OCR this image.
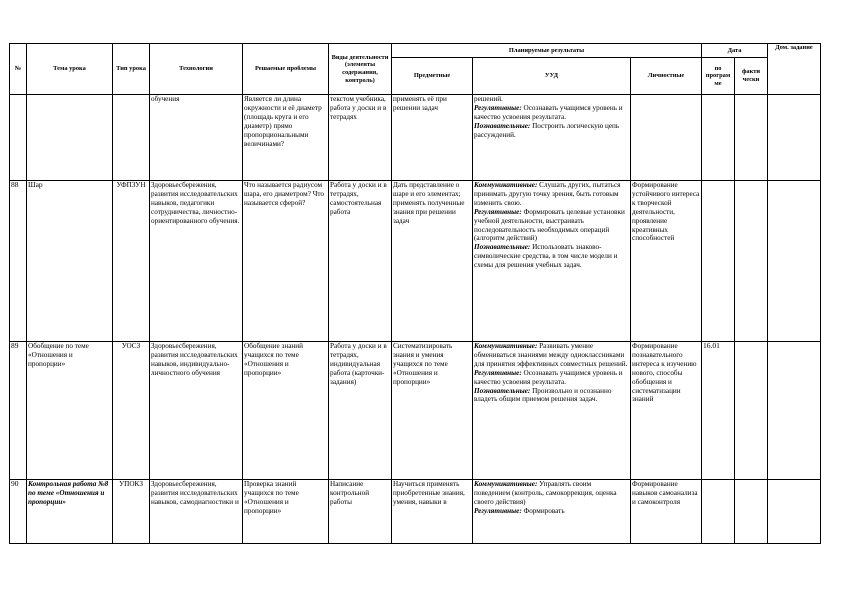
№	Тема урока	Тип урока	Технологии	Решаемые проблемы	Виды деятельности (элементы содержания, контроль)	Планируемые результаты			Дата		Дом. задание
						Предметные	УУД	Личностные	по програм ме	факти чески	
			обучения	Является ли длина окружности и её диаметр (площадь круга и его диаметр) прямо пропорциональными величинами?	текстом учебника, работа у доски и в тетрадях	применять её при решении задач	решений.

Регулятивные: Осознавать учащимся уровень и качество усвоения результата.

Познавательные: Построить логическую цепь рассуждений.				

88	Шар	УФПЗУН	Здоровьесбережения, развития исследовательских навыков, педагогики сотрудничества, личностно-ориентированного обучения.	Что называется радиусом шара, его диаметром? Что называется сферой?	Работа у доски и в тетрадях, самостоятельная работа	Дать представление о шаре и его элементах; применять полученные знания при решении задач	Коммуникативные: Слушать других, пытаться принимать другую точку зрения, быть готовым изменить свою.

Регулятивные: Формировать целевые установки учебной деятельности, выстраивать последовательность необходимых операций (алгоритм действий)

Познавательные: Использовать знаково-символические средства, в том числе модели и схемы для решения учебных задач.	Формирование устойчивого интереса к творческой деятельности, проявление креативных способностей			
89	Обобщение по теме «Отношения и пропорции»	УОСЗ	Здоровьесбережения, развития исследовательских навыков, индивидуально-личностного обучения	Обобщение знаний учащихся по теме «Отношения и пропорции»	Работа у доски и в тетрадях, индивидуальная работа (карточки-задания)	Систематизировать знания и умения учащихся по теме «Отношения и пропорции»	Коммуникативные: Развивать умение обмениваться знаниями между одноклассниками для принятия эффективных совместных решений.

Регулятивные: Осознавать учащимся уровень и качество усвоения результата.

Познавательные: Произвольно и осознанно владеть общим приемом решения задач.	Формирование познавательного интереса к изучению нового, способы обобщения и систематизации знаний	16.01		
90	Контрольная работа №8 по теме «Отношения и пропорции»	УПОКЗ	Здоровьесбережения, развития исследовательских навыков, самодиагностики и	Проверка знаний учащихся по теме «Отношения и пропорции»	Написание контрольной работы	Научиться применять приобретенные знания, умения, навыки в	Коммуникативные: Управлять своим поведением (контроль, самокоррекция, оценка своего действия)

Регулятивные: Формировать	Формирование навыков самоанализа и самоконтроля			
